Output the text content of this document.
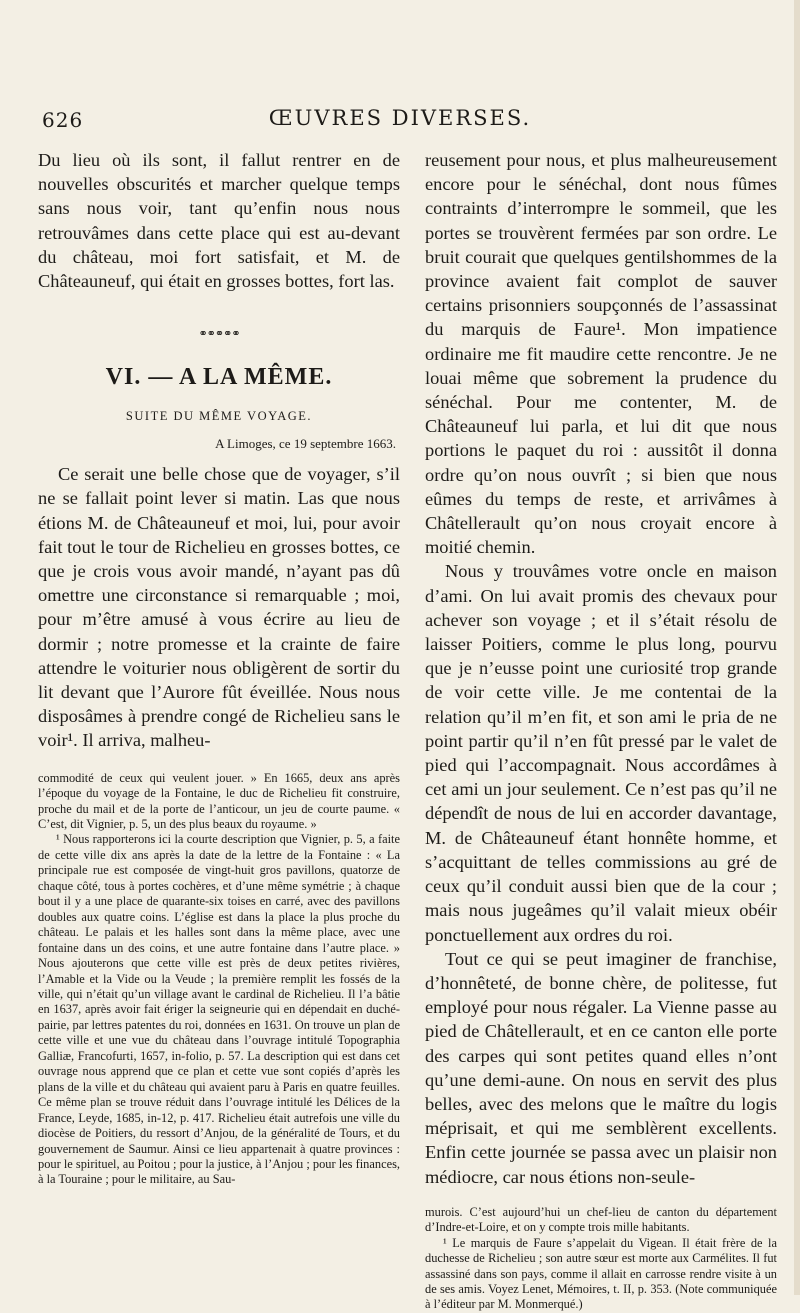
626	ŒUVRES DIVERSES.

Du lieu où ils sont, il fallut rentrer en de nouvelles obscurités et marcher quelque temps sans nous voir, tant qu’enfin nous nous retrouvâmes dans cette place qui est au-devant du château, moi fort satisfait, et M. de Châteauneuf, qui était en grosses bottes, fort las.

⚭⚭⚭⚭⚭
VI. — A LA MÊME.
SUITE DU MÊME VOYAGE.
A Limoges, ce 19 septembre 1663.

Ce serait une belle chose que de voyager, s’il ne se fallait point lever si matin. Las que nous étions M. de Châteauneuf et moi, lui, pour avoir fait tout le tour de Richelieu en grosses bottes, ce que je crois vous avoir mandé, n’ayant pas dû omettre une circonstance si remarquable ; moi, pour m’être amusé à vous écrire au lieu de dormir ; notre promesse et la crainte de faire attendre le voiturier nous obligèrent de sortir du lit devant que l’Aurore fût éveillée. Nous nous disposâmes à prendre congé de Richelieu sans le voir¹. Il arriva, malheu-

commodité de ceux qui veulent jouer. » En 1665, deux ans après l’époque du voyage de la Fontaine, le duc de Richelieu fit construire, proche du mail et de la porte de l’anticour, un jeu de courte paume. « C’est, dit Vignier, p. 5, un des plus beaux du royaume. »

¹ Nous rapporterons ici la courte description que Vignier, p. 5, a faite de cette ville dix ans après la date de la lettre de la Fontaine : « La principale rue est composée de vingt-huit gros pavillons, quatorze de chaque côté, tous à portes cochères, et d’une même symétrie ; à chaque bout il y a une place de quarante-six toises en carré, avec des pavillons doubles aux quatre coins. L’église est dans la place la plus proche du château. Le palais et les halles sont dans la même place, avec une fontaine dans un des coins, et une autre fontaine dans l’autre place. » Nous ajouterons que cette ville est près de deux petites rivières, l’Amable et la Vide ou la Veude ; la première remplit les fossés de la ville, qui n’était qu’un village avant le cardinal de Richelieu. Il l’a bâtie en 1637, après avoir fait ériger la seigneurie qui en dépendait en duché-pairie, par lettres patentes du roi, données en 1631. On trouve un plan de cette ville et une vue du château dans l’ouvrage intitulé Topographia Galliæ, Francofurti, 1657, in-folio, p. 57. La description qui est dans cet ouvrage nous apprend que ce plan et cette vue sont copiés d’après les plans de la ville et du château qui avaient paru à Paris en quatre feuilles. Ce même plan se trouve réduit dans l’ouvrage intitulé les Délices de la France, Leyde, 1685, in-12, p. 417. Richelieu était autrefois une ville du diocèse de Poitiers, du ressort d’Anjou, de la généralité de Tours, et du gouvernement de Saumur. Ainsi ce lieu appartenait à quatre provinces : pour le spirituel, au Poitou ; pour la justice, à l’Anjou ; pour les finances, à la Touraine ; pour le militaire, au Sau-

reusement pour nous, et plus malheureusement encore pour le sénéchal, dont nous fûmes contraints d’interrompre le sommeil, que les portes se trouvèrent fermées par son ordre. Le bruit courait que quelques gentilshommes de la province avaient fait complot de sauver certains prisonniers soupçonnés de l’assassinat du marquis de Faure¹. Mon impatience ordinaire me fit maudire cette rencontre. Je ne louai même que sobrement la prudence du sénéchal. Pour me contenter, M. de Châteauneuf lui parla, et lui dit que nous portions le paquet du roi : aussitôt il donna ordre qu’on nous ouvrît ; si bien que nous eûmes du temps de reste, et arrivâmes à Châtellerault qu’on nous croyait encore à moitié chemin.

Nous y trouvâmes votre oncle en maison d’ami. On lui avait promis des chevaux pour achever son voyage ; et il s’était résolu de laisser Poitiers, comme le plus long, pourvu que je n’eusse point une curiosité trop grande de voir cette ville. Je me contentai de la relation qu’il m’en fit, et son ami le pria de ne point partir qu’il n’en fût pressé par le valet de pied qui l’accompagnait. Nous accordâmes à cet ami un jour seulement. Ce n’est pas qu’il ne dépendît de nous de lui en accorder davantage, M. de Châteauneuf étant honnête homme, et s’acquittant de telles commissions au gré de ceux qu’il conduit aussi bien que de la cour ; mais nous jugeâmes qu’il valait mieux obéir ponctuellement aux ordres du roi.

Tout ce qui se peut imaginer de franchise, d’honnêteté, de bonne chère, de politesse, fut employé pour nous régaler. La Vienne passe au pied de Châtellerault, et en ce canton elle porte des carpes qui sont petites quand elles n’ont qu’une demi-aune. On nous en servit des plus belles, avec des melons que le maître du logis méprisait, et qui me semblèrent excellents. Enfin cette journée se passa avec un plaisir non médiocre, car nous étions non-seule-

murois. C’est aujourd’hui un chef-lieu de canton du département d’Indre-et-Loire, et on y compte trois mille habitants.

¹ Le marquis de Faure s’appelait du Vigean. Il était frère de la duchesse de Richelieu ; son autre sœur est morte aux Carmélites. Il fut assassiné dans son pays, comme il allait en carrosse rendre visite à un de ses amis. Voyez Lenet, Mémoires, t. II, p. 353. (Note communiquée à l’éditeur par M. Monmerqué.)
